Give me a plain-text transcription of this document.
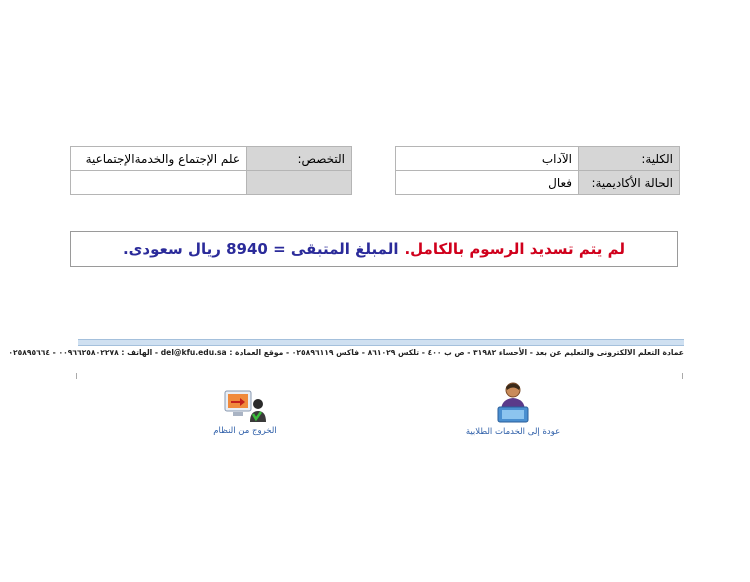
الكلية:	الآداب
الحالة الأكاديمية:	فعال
التخصص:	علم الإجتماع والخدمةالإجتماعية

لم يتم تسديد الرسوم بالكامل.
المبلغ المتبقى = 8940 ريال سعودى.
عمادة التعلم الالكترونى والتعليم عن بعد - الأحساء ٣١٩٨٢ - ص ب ٤٠٠ - تلكس ٨٦١٠٢٩ - فاكس ٠٢٥٨٩٦١١٩ - موقع العمادة : del@kfu.edu.sa - الهاتف : ٠٠٩٦٦٢٥٨٠٢٢٧٨ - ٠٢٥٨٩٥٦٦٤
عودة إلى الخدمات الطلابية
الخروج من النظام
